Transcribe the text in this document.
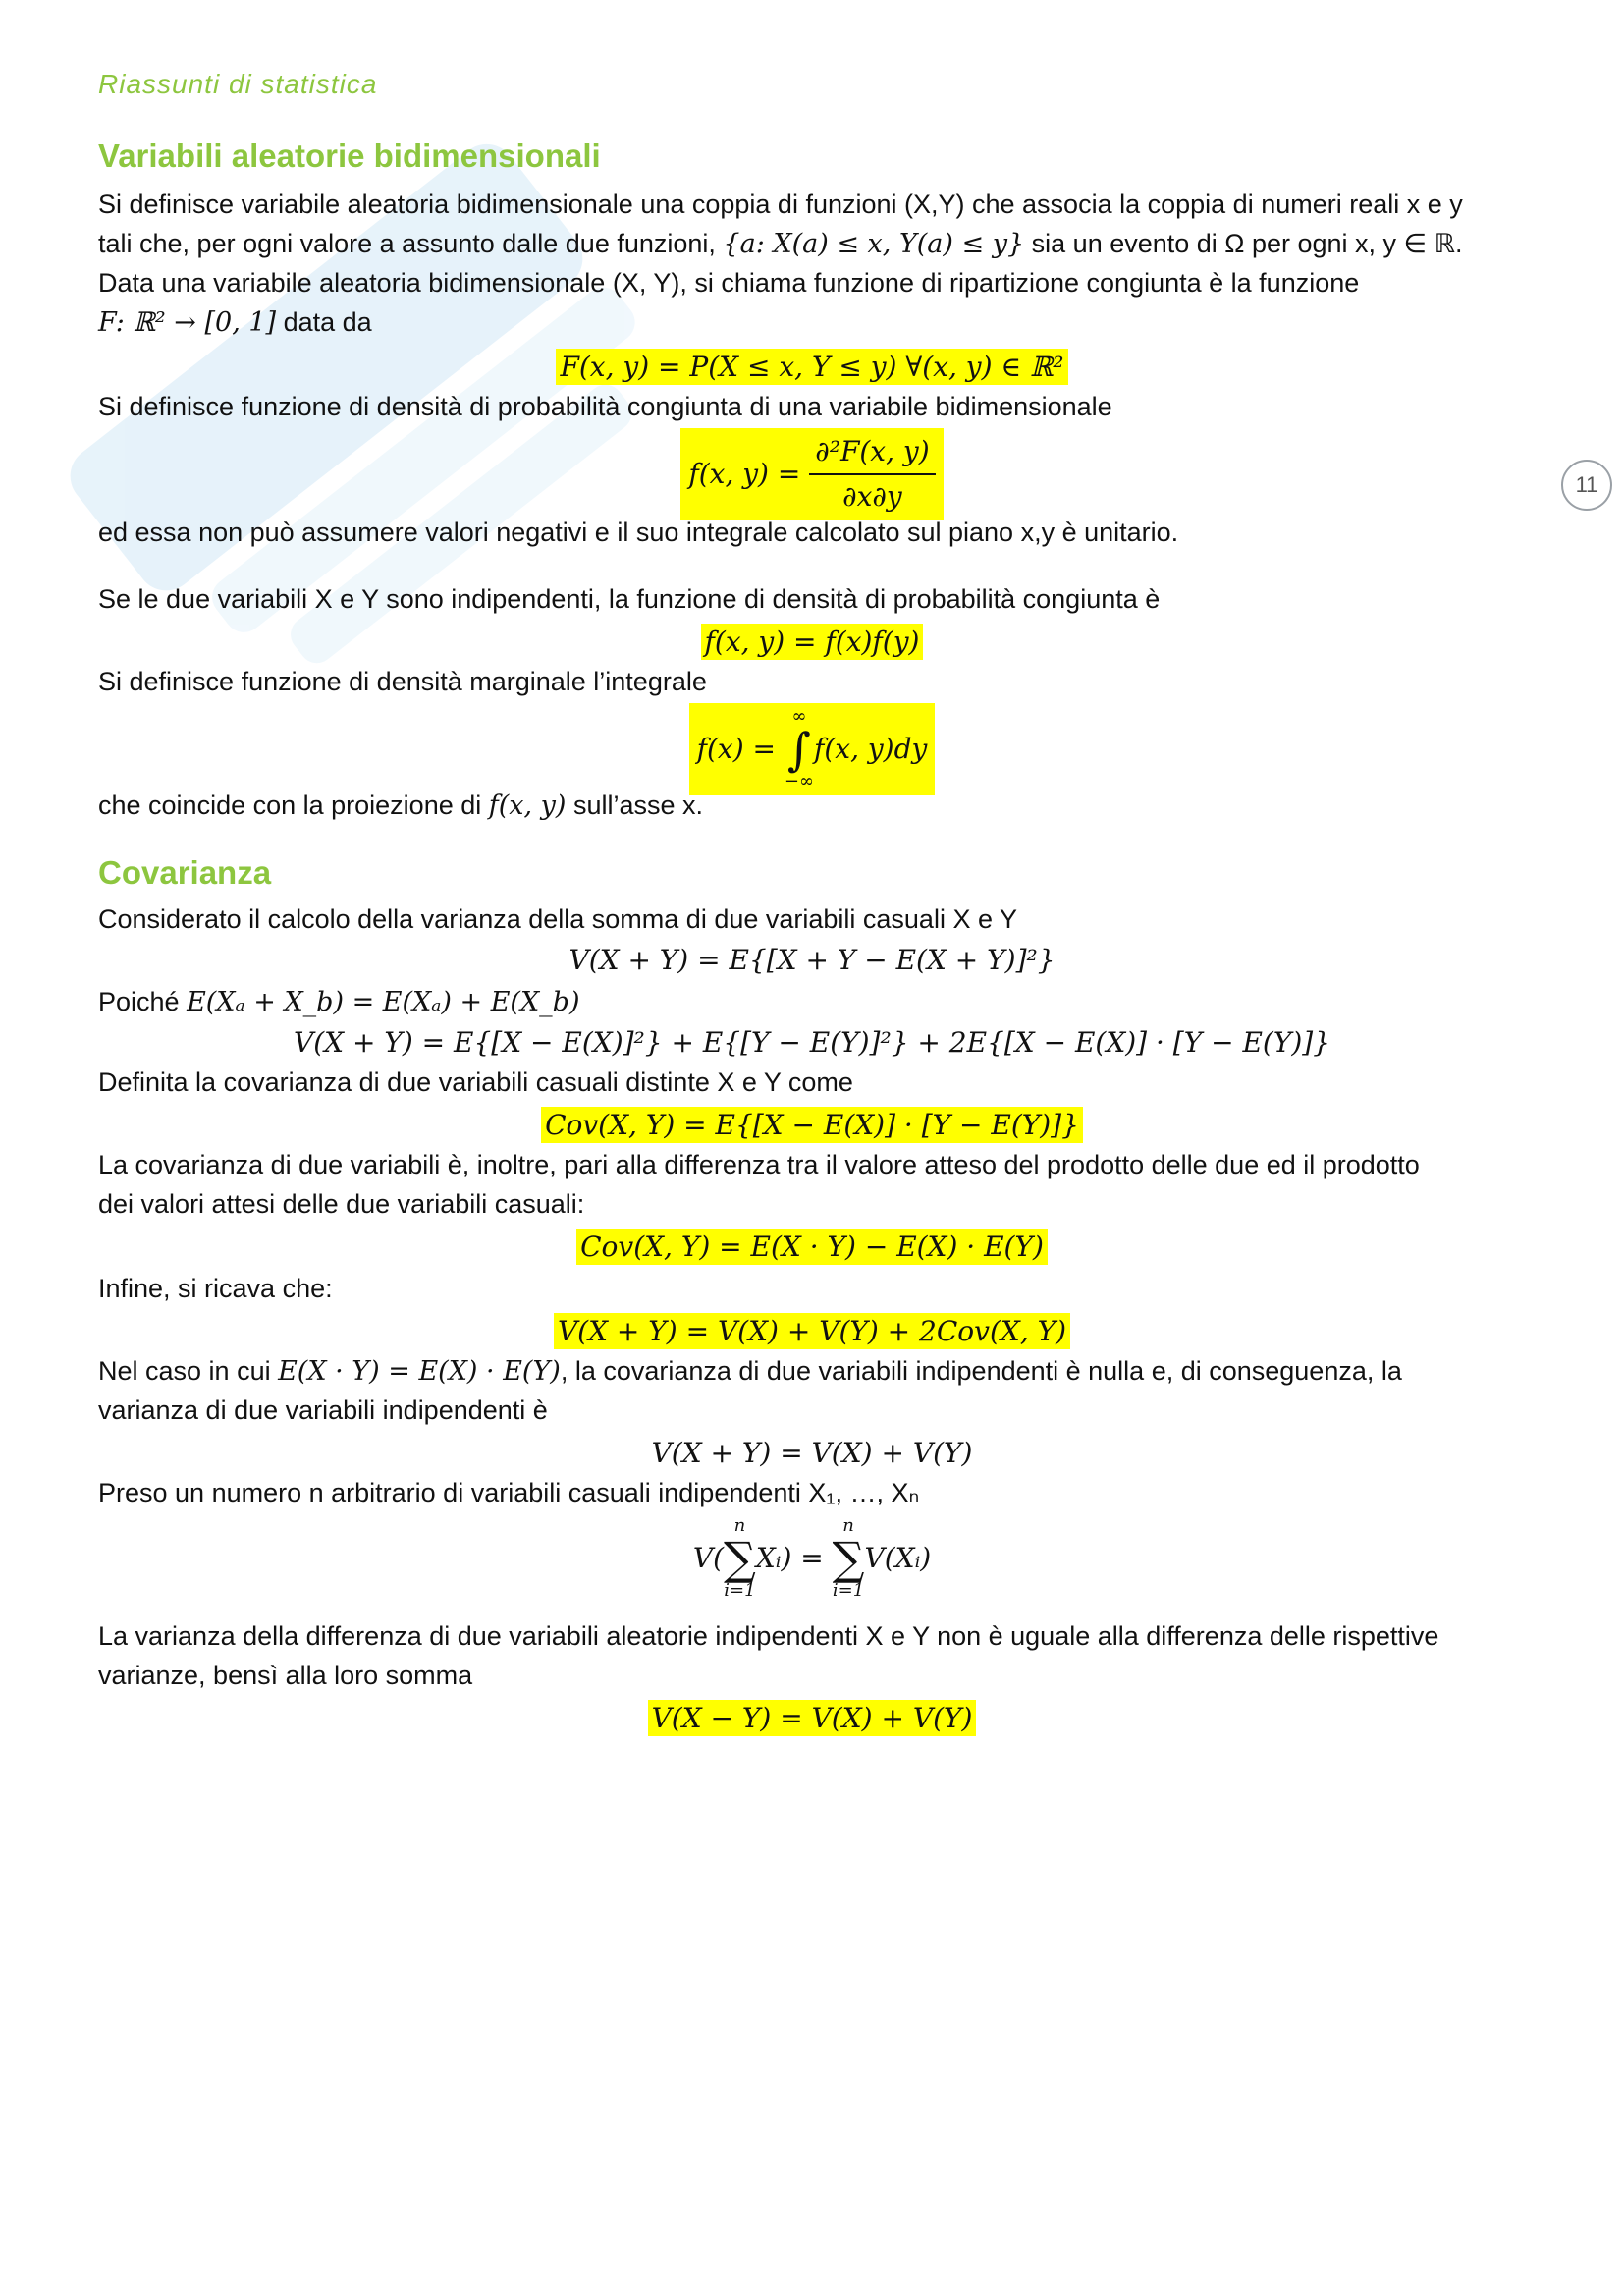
Riassunti di statistica
11
Variabili aleatorie bidimensionali
Si definisce variabile aleatoria bidimensionale una coppia di funzioni (X,Y) che associa la coppia di numeri reali x e y
tali che, per ogni valore a assunto dalle due funzioni, {a: X(a) ≤ x, Y(a) ≤ y} sia un evento di Ω per ogni x, y ∈ ℝ.
Data una variabile aleatoria bidimensionale (X, Y), si chiama funzione di ripartizione congiunta è la funzione
F: ℝ² → [0, 1] data da
F(x, y) = P(X ≤ x, Y ≤ y) ∀(x, y) ∈ ℝ²
Si definisce funzione di densità di probabilità congiunta di una variabile bidimensionale
f(x, $y) = \frac{\text{∂²F(x, y)}}{\partial x\partial y}$
ed essa non può assumere valori negativi e il suo integrale calcolato sul piano x,y è unitario.
Se le due variabili X e Y sono indipendenti, la funzione di densità di probabilità congiunta è
f(x, y) = f(x)f(y)
Si definisce funzione di densità marginale l’integrale
f(x) =
∞
∫
−∞
f(x, y)dy
che coincide con la proiezione di f(x, y) sull’asse x.
Covarianza
Considerato il calcolo della varianza della somma di due variabili casuali X e Y
V(X + Y) = E{[X + Y − E(X + Y)]²}
Poiché E(Xₐ + X_b) = E(Xₐ) + E(X_b)
V(X + Y) = E{[X − E(X)]²} + E{[Y − E(Y)]²} + 2E{[X − E(X)] · [Y − E(Y)]}
Definita la covarianza di due variabili casuali distinte X e Y come
Cov(X, Y) = E{[X − E(X)] · [Y − E(Y)]}
La covarianza di due variabili è, inoltre, pari alla differenza tra il valore atteso del prodotto delle due ed il prodotto
dei valori attesi delle due variabili casuali:
Cov(X, Y) = E(X · Y) − E(X) · E(Y)
Infine, si ricava che:
V(X + Y) = V(X) + V(Y) + 2Cov(X, Y)
Nel caso in cui E(X · Y) = E(X) · E(Y), la covarianza di due variabili indipendenti è nulla e, di conseguenza, la
varianza di due variabili indipendenti è
V(X + Y) = V(X) + V(Y)
Preso un numero n arbitrario di variabili casuali indipendenti X₁, …, Xₙ
V(
n
∑
i=1
Xᵢ) =
n
∑
i=1
V(Xᵢ)
La varianza della differenza di due variabili aleatorie indipendenti X e Y non è uguale alla differenza delle rispettive
varianze, bensì alla loro somma
V(X − Y) = V(X) + V(Y)
